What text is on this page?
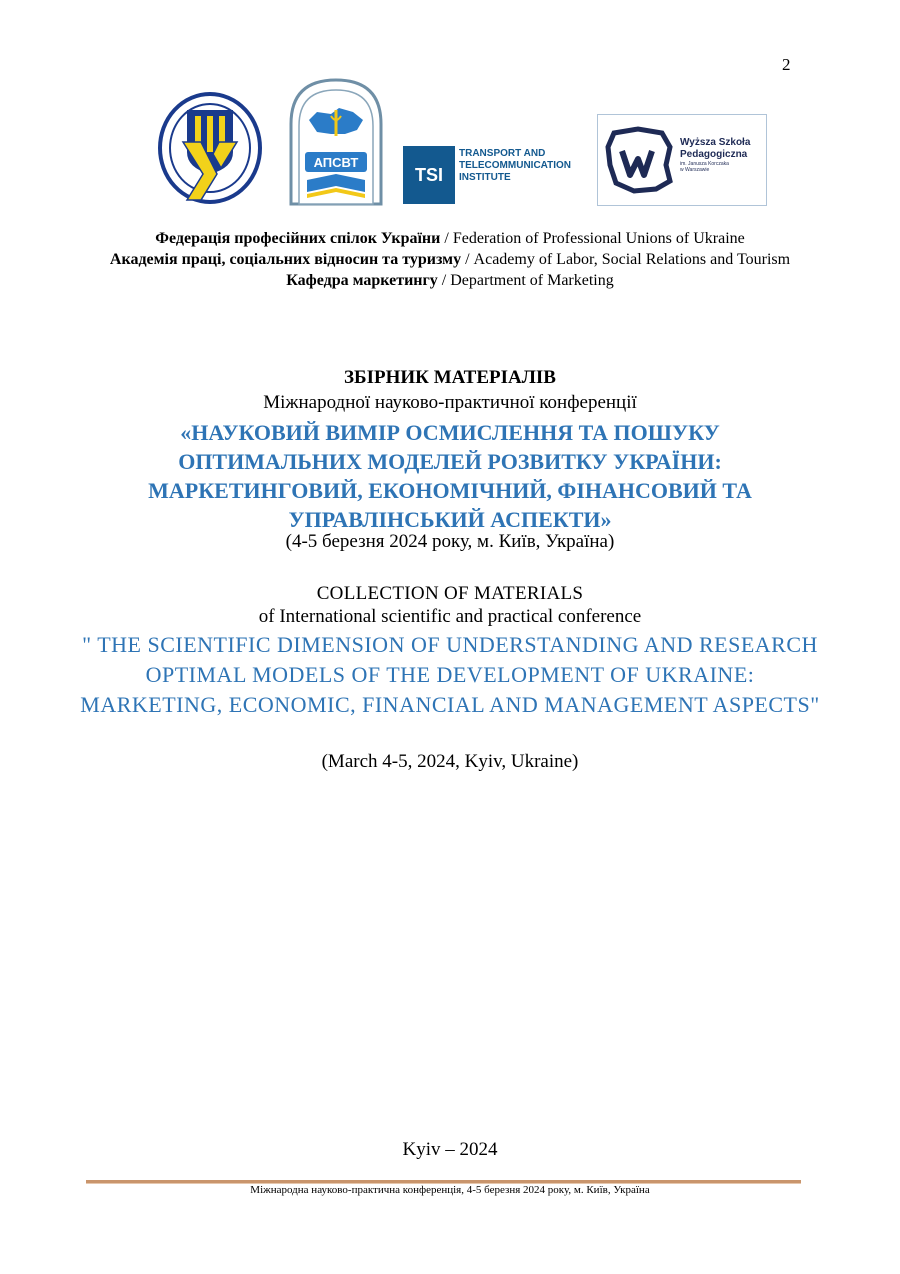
2
АПСВТ
TSI
TRANSPORT AND
TELECOMMUNICATION
INSTITUTE
Wyższa Szkoła
Pedagogiczna
im. Janusza Korczaka
w Warszawie
Федерація професійних спілок України / Federation of Professional Unions of Ukraine
Академія праці, соціальних відносин та туризму / Academy of Labor, Social Relations and Tourism
Кафедра маркетингу / Department of Marketing
ЗБІРНИК МАТЕРІАЛІВ
Міжнародної науково-практичної конференції
«НАУКОВИЙ ВИМІР ОСМИСЛЕННЯ ТА ПОШУКУ ОПТИМАЛЬНИХ МОДЕЛЕЙ РОЗВИТКУ УКРАЇНИ: МАРКЕТИНГОВИЙ, ЕКОНОМІЧНИЙ, ФІНАНСОВИЙ ТА УПРАВЛІНСЬКИЙ АСПЕКТИ»
(4-5 березня 2024 року, м. Київ, Україна)
COLLECTION OF MATERIALS
of International scientific and practical conference
" THE SCIENTIFIC DIMENSION OF UNDERSTANDING AND RESEARCH OPTIMAL MODELS OF THE DEVELOPMENT OF UKRAINE: MARKETING, ECONOMIC, FINANCIAL AND MANAGEMENT ASPECTS"
(March 4-5, 2024, Kyiv, Ukraine)
Kyiv – 2024
Міжнародна науково-практична конференція, 4-5 березня 2024 року, м. Київ, Україна
